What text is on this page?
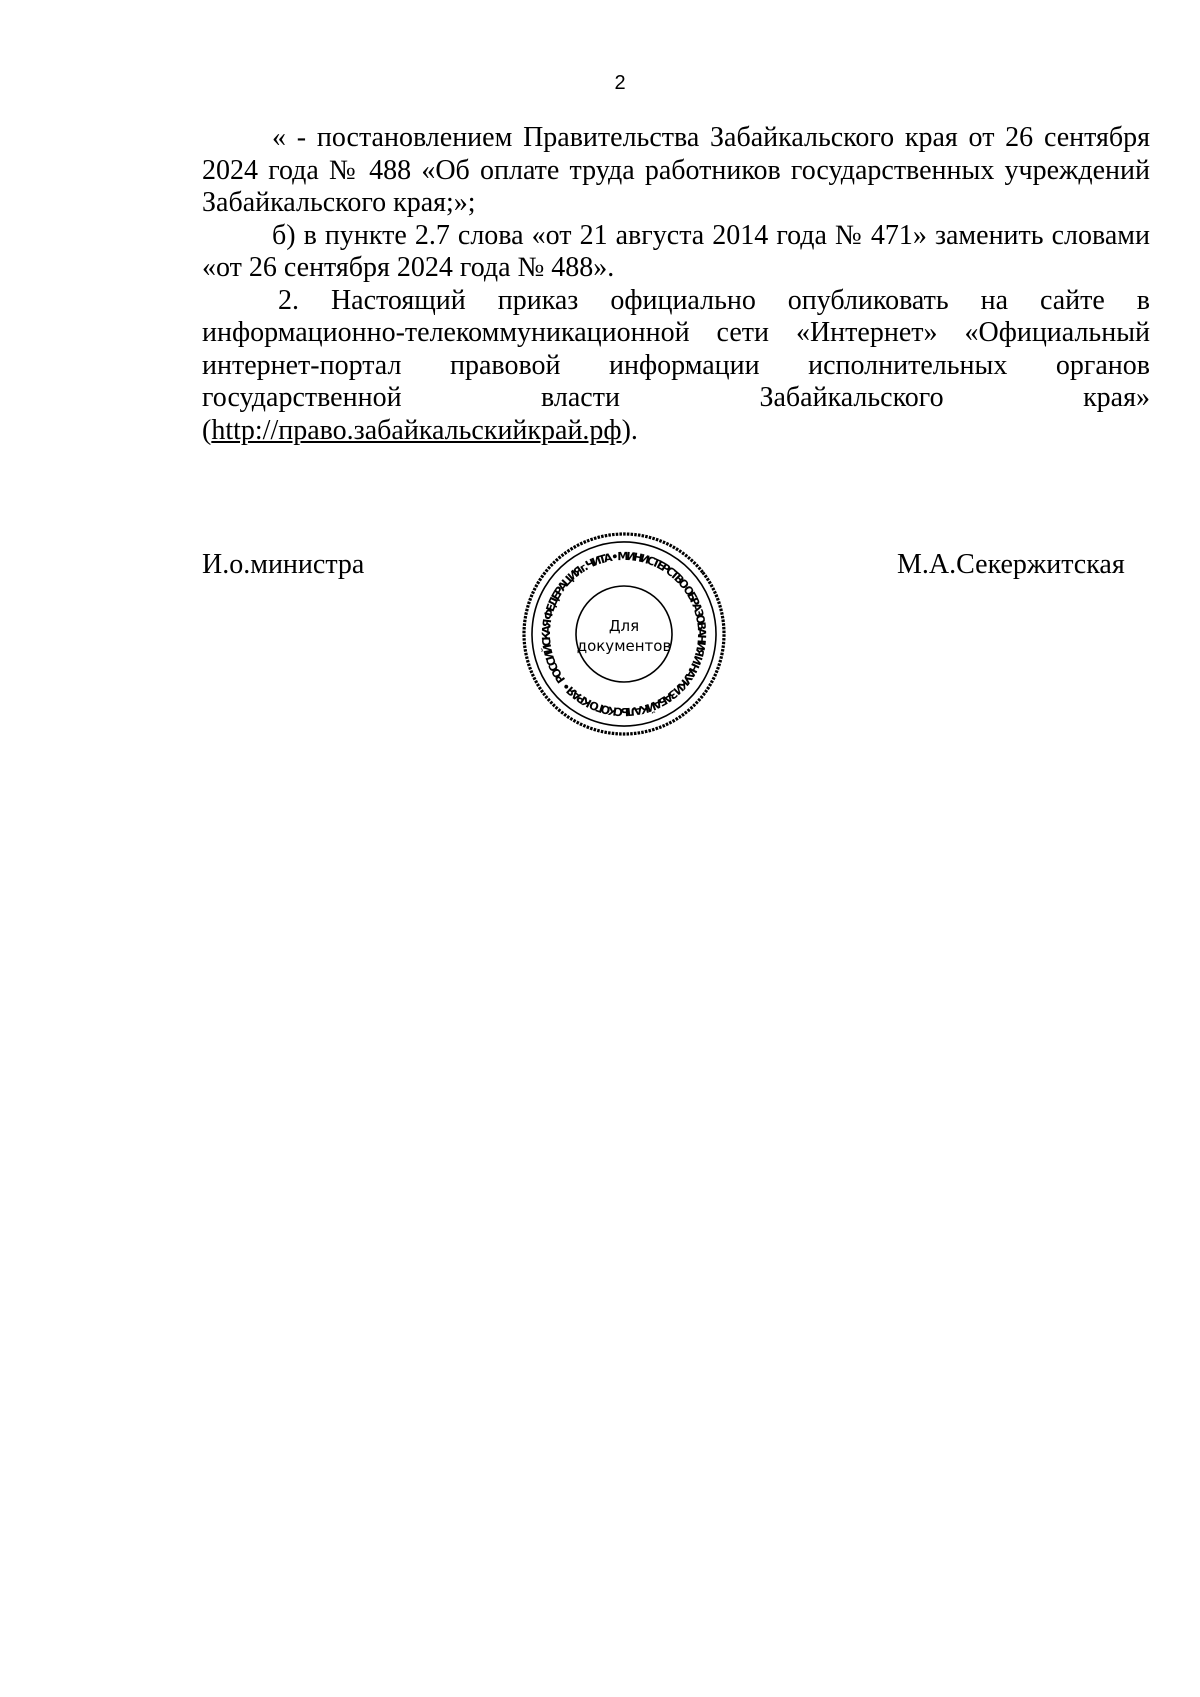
2

« - постановлением Правительства Забайкальского края от 26 сентября 2024 года № 488 «Об оплате труда работников государственных учреждений Забайкальского края;»;

б) в пункте 2.7 слова «от 21 августа 2014 года № 471» заменить словами «от 26 сентября 2024 года № 488».

2. Настоящий приказ официально опубликовать на сайте в информационно-телекоммуникационной сети «Интернет» «Официальный интернет-портал правовой информации исполнительных органов государственной власти Забайкальского края»

(http://право.забайкальскийкрай.рф).

И.о.министра
РОССИЙСКАЯ ФЕДЕРАЦИЯ г. ЧИТА • МИНИСТЕРСТВО ОБРАЗОВАНИЯ И НАУКИ ЗАБАЙКАЛЬСКОГО КРАЯ •
Для
документов
М.А.Секержитская
